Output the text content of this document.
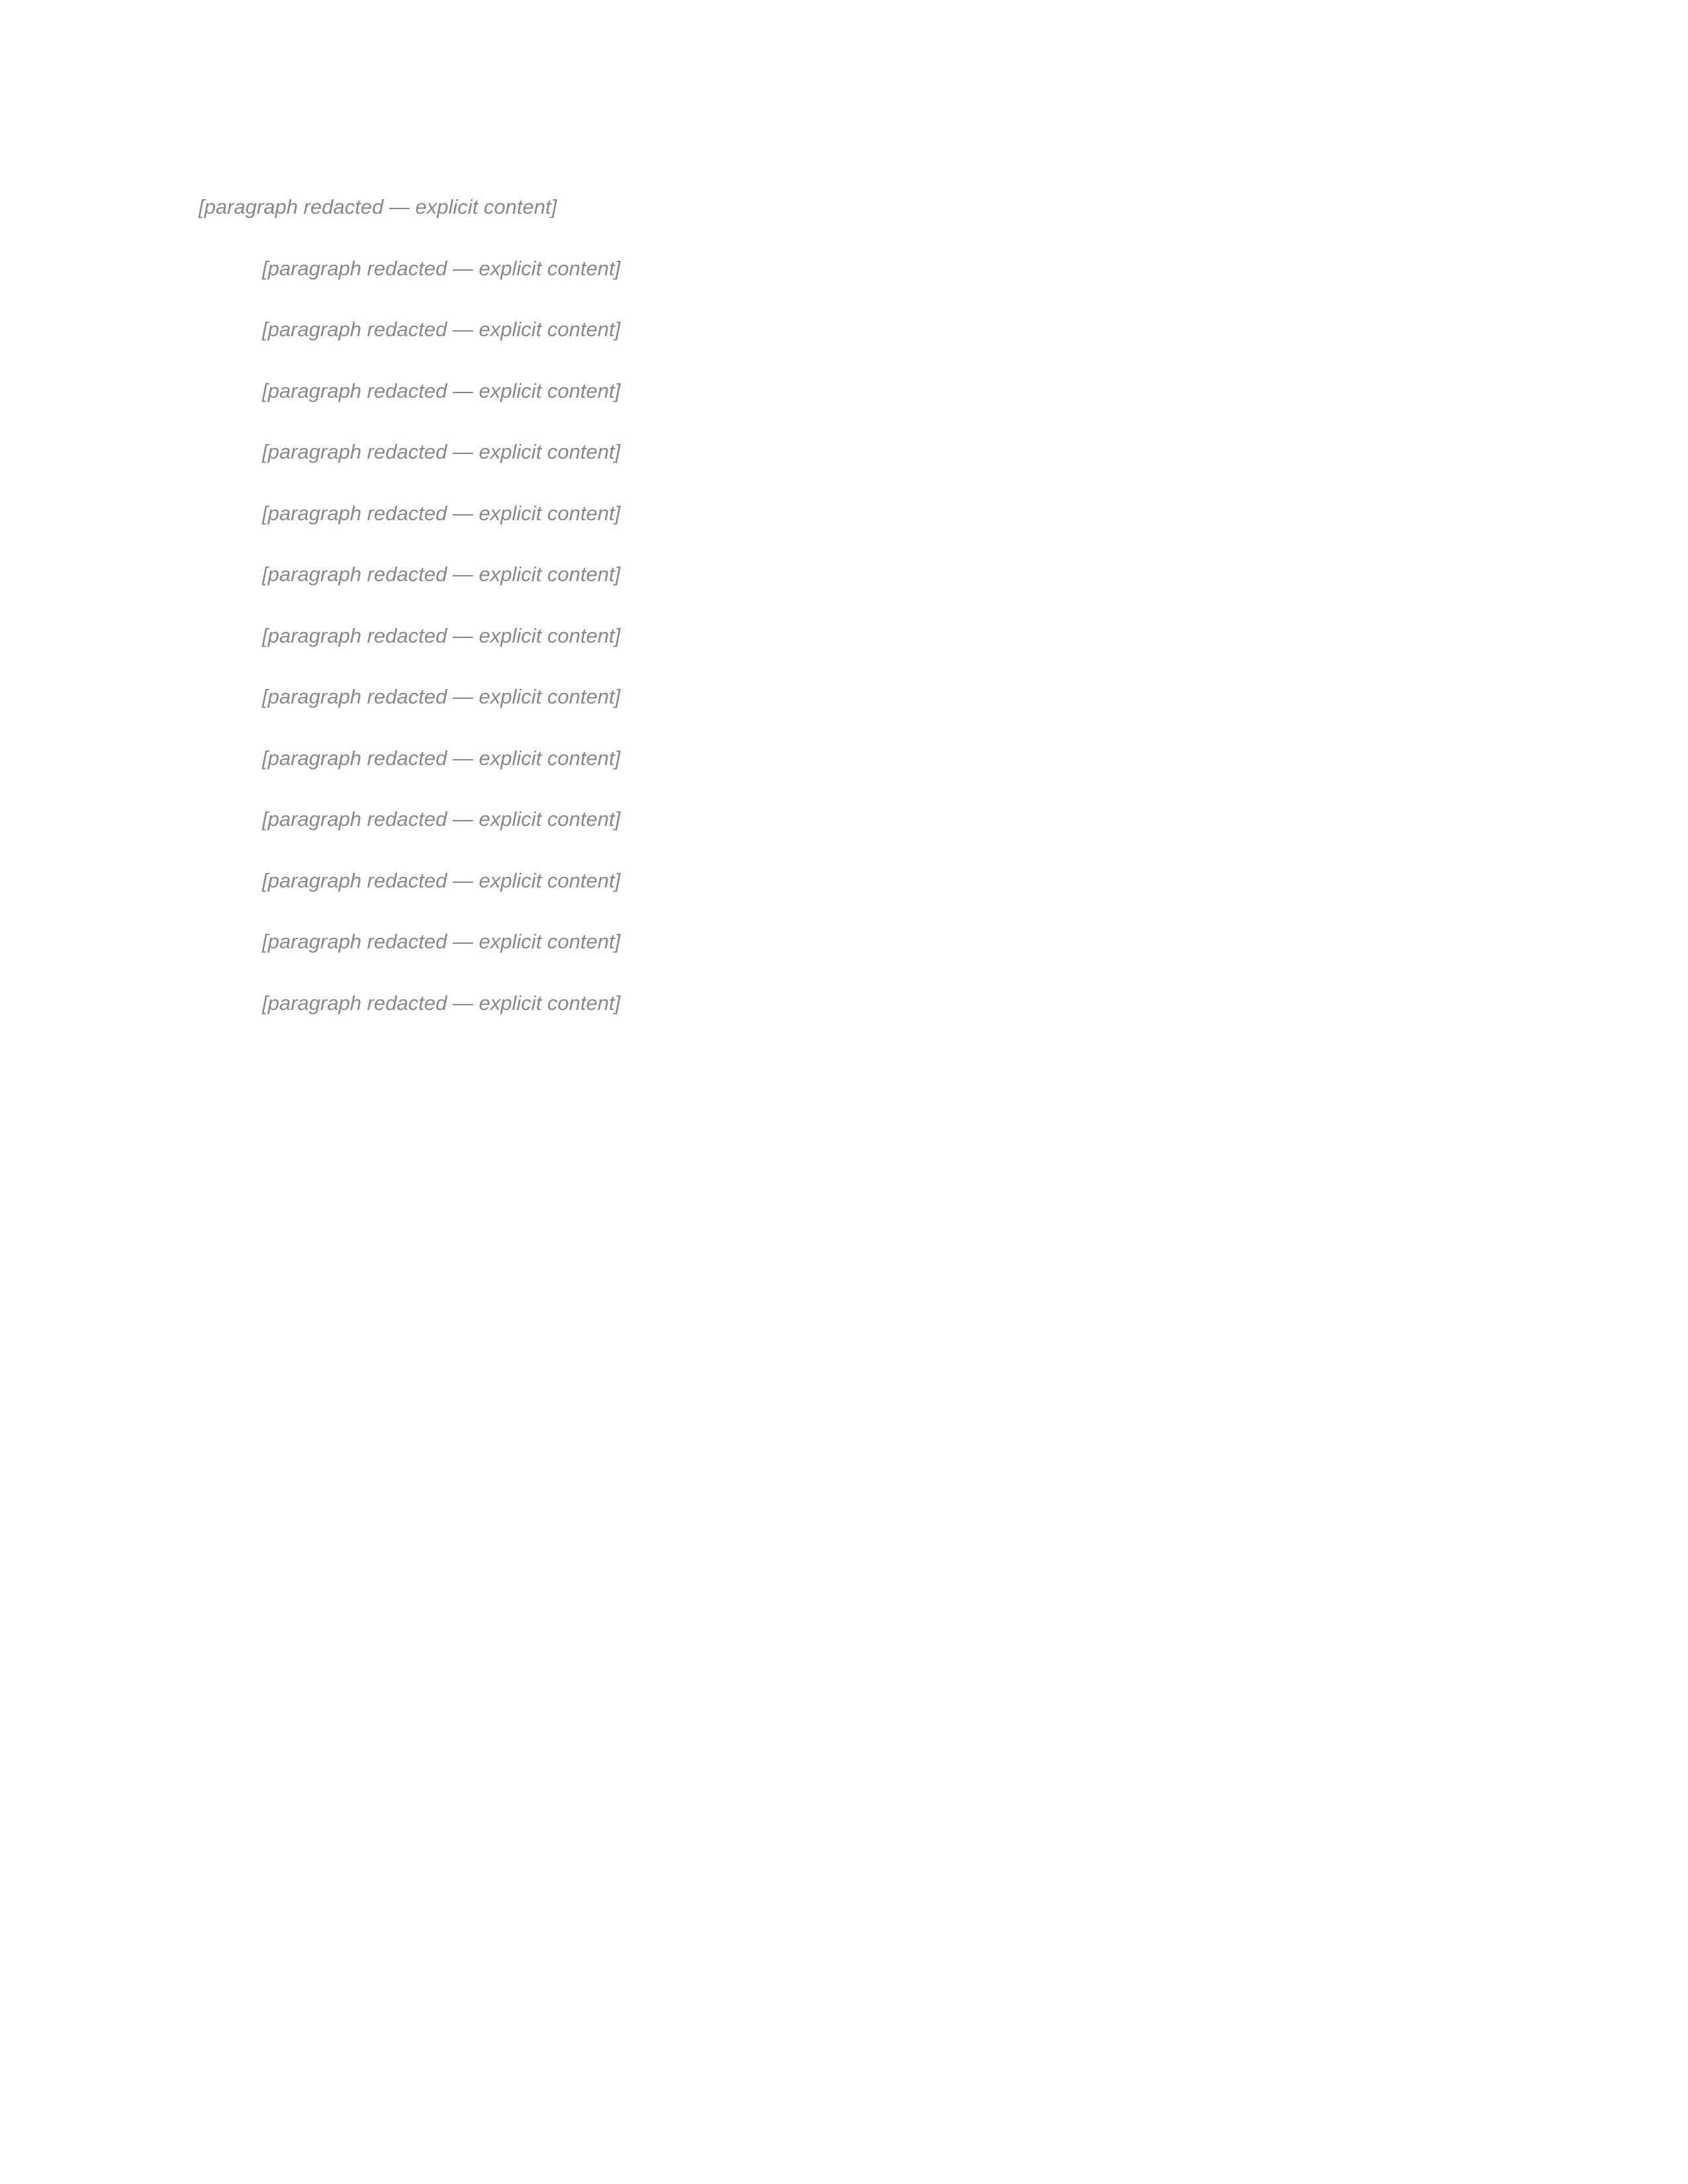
[paragraph redacted — explicit content]

[paragraph redacted — explicit content]

[paragraph redacted — explicit content]

[paragraph redacted — explicit content]

[paragraph redacted — explicit content]

[paragraph redacted — explicit content]

[paragraph redacted — explicit content]

[paragraph redacted — explicit content]

[paragraph redacted — explicit content]

[paragraph redacted — explicit content]

[paragraph redacted — explicit content]

[paragraph redacted — explicit content]

[paragraph redacted — explicit content]

[paragraph redacted — explicit content]
